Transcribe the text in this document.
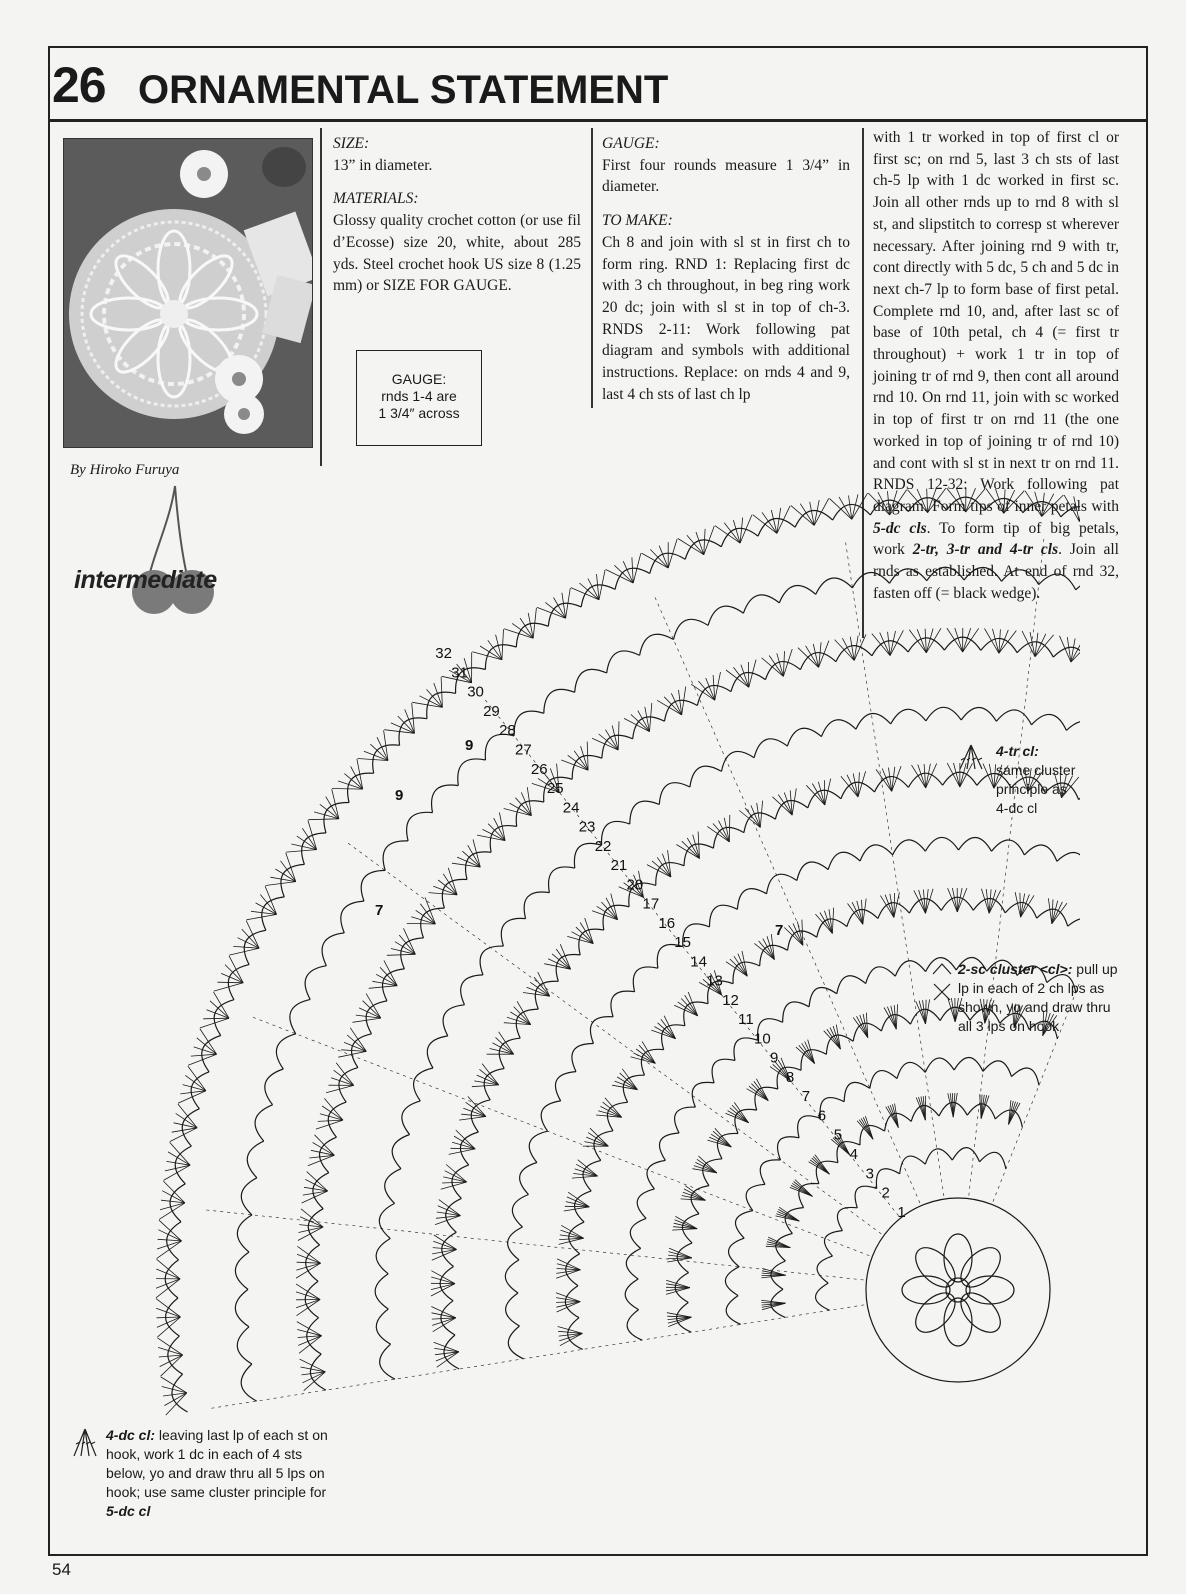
26 ORNAMENTAL STATEMENT
By Hiroko Furuya
intermediate
SIZE:

13” in diameter.

MATERIALS:

Glossy quality crochet cotton (or use fil d’Ecosse) size 20, white, about 285 yds. Steel crochet hook US size 8 (1.25 mm) or SIZE FOR GAUGE.

GAUGE:
rnds 1-4 are
1 3/4″ across
GAUGE:

First four rounds measure 1 3/4” in diameter.

TO MAKE:

Ch 8 and join with sl st in first ch to form ring. RND 1: Replacing first dc with 3 ch throughout, in beg ring work 20 dc; join with sl st in top of ch-3. RNDS 2-11: Work following pat diagram and symbols with additional instructions. Replace: on rnds 4 and 9, last 4 ch sts of last ch lp

with 1 tr worked in top of first cl or first sc; on rnd 5, last 3 ch sts of last ch-5 lp with 1 dc worked in first sc. Join all other rnds up to rnd 8 with sl st, and slipstitch to corresp st wherever necessary. After joining rnd 9 with tr, cont directly with 5 dc, 5 ch and 5 dc in next ch-7 lp to form base of first petal. Complete rnd 10, and, after last sc of base of 10th petal, ch 4 (= first tr throughout) + work 1 tr in top of joining tr of rnd 9, then cont all around rnd 10. On rnd 11, join with sc worked in top of first tr on rnd 11 (the one worked in top of joining tr of rnd 10) and cont with sl st in next tr on rnd 11. RNDS 12-32: Work following pat diagram. Form tips of inner petals with 5-dc cls. To form tip of big petals, work 2-tr, 3-tr and 4-tr cls. Join all rnds as established. At end of rnd 32, fasten off (= black wedge).

1
2
3
4
5
6
7
8
9
10
11
12
13
14
15
16
17
20
21
22
23
24
25
26
27
28
29
30
31
32
7
7
9
9
4-tr cl:
same cluster
principle as
4-dc cl
2-sc cluster <cl>: pull up lp in each of 2 ch lps as shown, yo and draw thru all 3 lps on hook
4-dc cl: leaving last lp of each st on hook, work 1 dc in each of 4 sts below, yo and draw thru all 5 lps on hook; use same cluster principle for 5-dc cl
54
